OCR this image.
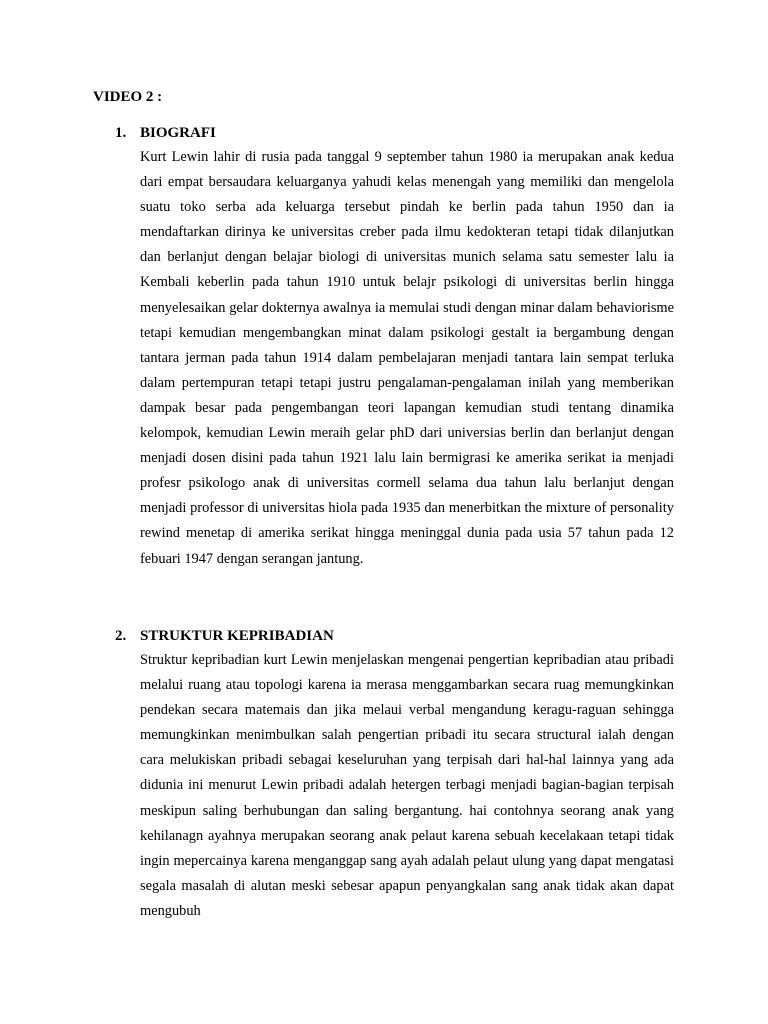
VIDEO 2 :

1. BIOGRAFI

Kurt Lewin lahir di rusia pada tanggal 9 september tahun 1980 ia merupakan anak kedua dari empat bersaudara keluarganya yahudi kelas menengah yang memiliki dan mengelola suatu toko serba ada keluarga tersebut pindah ke berlin pada tahun 1950 dan ia mendaftarkan dirinya ke universitas creber pada ilmu kedokteran tetapi tidak dilanjutkan dan berlanjut dengan belajar biologi di universitas munich selama satu semester lalu ia Kembali keberlin pada tahun 1910 untuk belajr psikologi di universitas berlin hingga menyelesaikan gelar dokternya awalnya ia memulai studi dengan minar dalam behaviorisme tetapi kemudian mengembangkan minat dalam psikologi gestalt ia bergambung dengan tantara jerman pada tahun 1914 dalam pembelajaran menjadi tantara lain sempat terluka dalam pertempuran tetapi tetapi justru pengalaman-pengalaman inilah yang memberikan dampak besar pada pengembangan teori lapangan kemudian studi tentang dinamika kelompok, kemudian Lewin meraih gelar phD dari universias berlin dan berlanjut dengan menjadi dosen disini pada tahun 1921 lalu lain bermigrasi ke amerika serikat ia menjadi profesr psikologo anak di universitas cormell selama dua tahun lalu berlanjut dengan menjadi professor di universitas hiola pada 1935 dan menerbitkan the mixture of personality rewind menetap di amerika serikat hingga meninggal dunia pada usia 57 tahun pada 12 febuari 1947 dengan serangan jantung.

2. STRUKTUR KEPRIBADIAN

Struktur kepribadian kurt Lewin menjelaskan mengenai pengertian kepribadian atau pribadi melalui ruang atau topologi karena ia merasa menggambarkan secara ruag memungkinkan pendekan secara matemais dan jika melaui verbal mengandung keragu-raguan sehingga memungkinkan menimbulkan salah pengertian pribadi itu secara structural ialah dengan cara melukiskan pribadi sebagai keseluruhan yang terpisah dari hal-hal lainnya yang ada didunia ini menurut Lewin pribadi adalah hetergen terbagi menjadi bagian-bagian terpisah meskipun saling berhubungan dan saling bergantung. hai contohnya seorang anak yang kehilanagn ayahnya merupakan seorang anak pelaut karena sebuah kecelakaan tetapi tidak ingin mepercainya karena menganggap sang ayah adalah pelaut ulung yang dapat mengatasi segala masalah di alutan meski sebesar apapun penyangkalan sang anak tidak akan dapat mengubuh
